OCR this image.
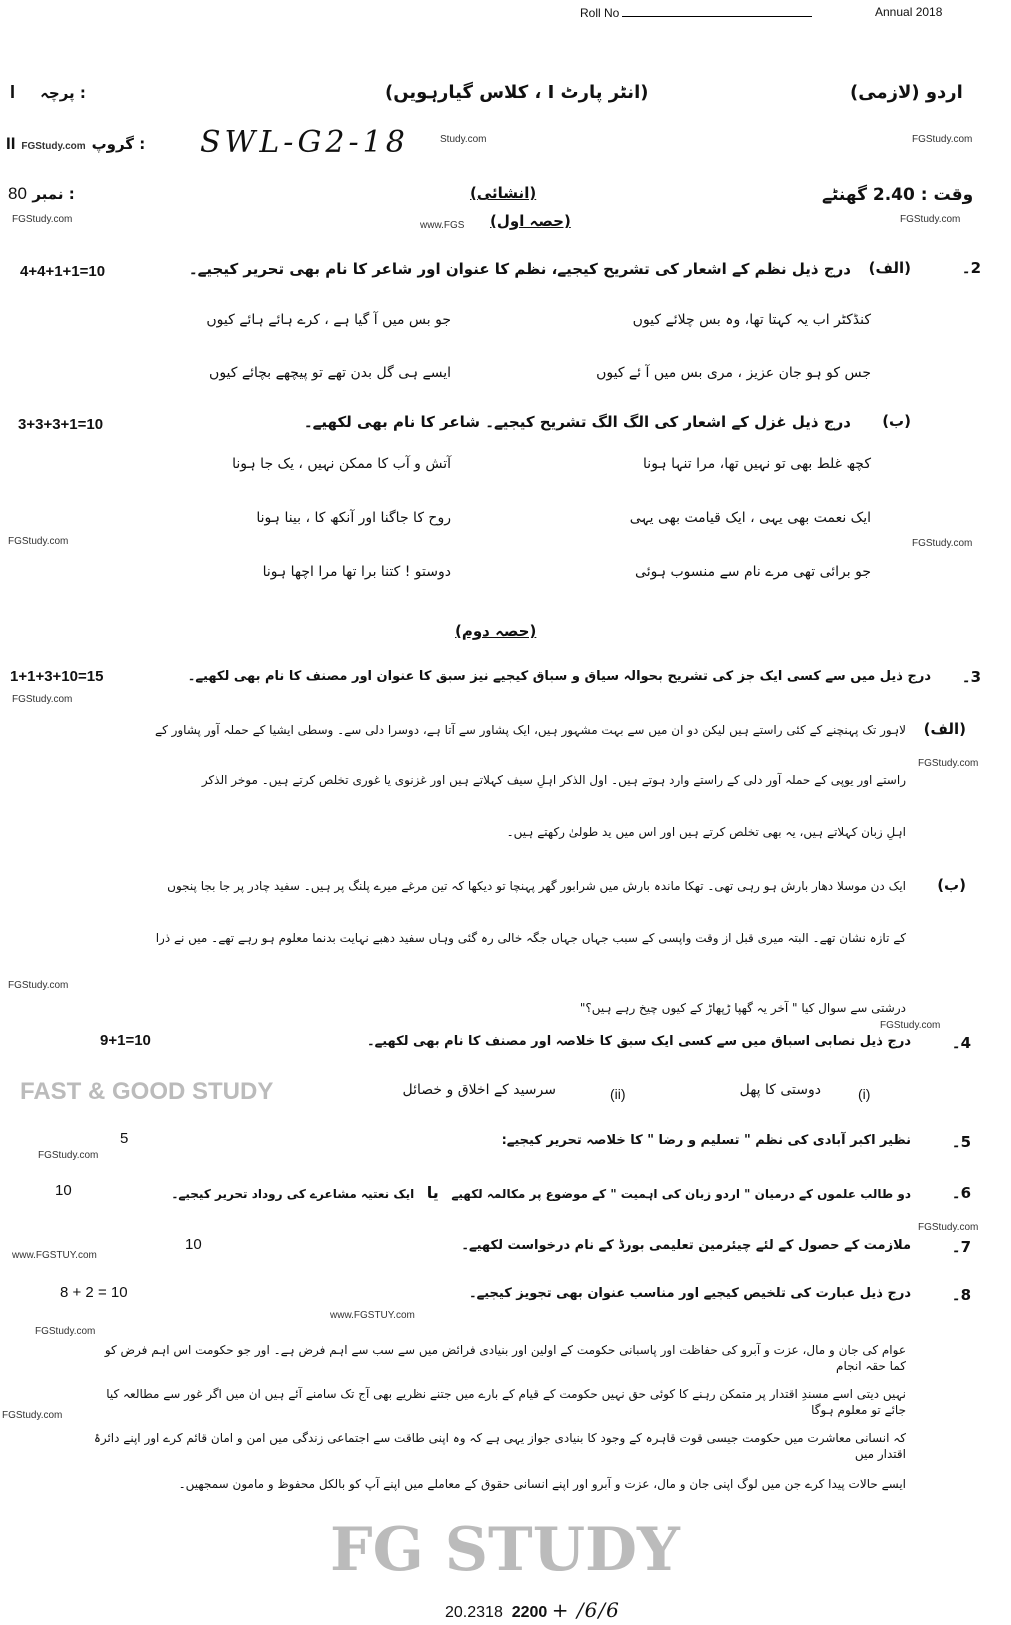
FG STUDY
FAST & GOOD STUDY
Roll No	Annual 2018
I پرچہ :	(انٹر پارٹ I ، کلاس گیارہویں)	اردو (لازمی)
II FGStudy.com گروپ : SWL-G2-18	Study.com	FGStudy.com
80 نمبر :	(انشائی)	وقت : 2.40 گھنٹے
FGStudy.com
www.FGS (حصہ اول)	FGStudy.com
4+4+1+1=10	درج ذیل نظم کے اشعار کی تشریح کیجیے، نظم کا عنوان اور شاعر کا نام بھی تحریر کیجیے۔ (الف)	2۔
کنڈکٹر اب یہ کہتا تھا، وہ بس چلائے کیوں
جو بس میں آ گیا ہے ، کرے ہائے ہائے کیوں
جس کو ہو جان عزیز ، مری بس میں آ ئے کیوں
ایسے ہی گل بدن تھے تو پیچھے بچائے کیوں
3+3+3+1=10	درج ذیل غزل کے اشعار کی الگ الگ تشریح کیجیے۔ شاعر کا نام بھی لکھیے۔ (ب)
کچھ غلط بھی تو نہیں تھا، مرا تنہا ہونا
آتش و آب کا ممکن نہیں ، یک جا ہونا
ایک نعمت بھی یہی ، ایک قیامت بھی یہی
روح کا جاگنا اور آنکھ کا ، بینا ہونا
FGStudy.com	FGStudy.com
جو برائی تھی مرے نام سے منسوب ہوئی
دوستو ! کتنا برا تھا مرا اچھا ہونا
(حصہ دوم)
1+1+3+10=15
FGStudy.com
درج ذیل میں سے کسی ایک جز کی تشریح بحوالہ سیاق و سباق کیجیے نیز سبق کا عنوان اور مصنف کا نام بھی لکھیے۔ 3۔
(الف)
لاہور تک پہنچنے کے کئی راستے ہیں لیکن دو ان میں سے بہت مشہور ہیں، ایک پشاور سے آتا ہے، دوسرا دلی سے۔ وسطی ایشیا کے حملہ آور پشاور کے
راستے اور یوپی کے حملہ آور دلی کے راستے وارد ہوتے ہیں۔ اول الذکر اہلِ سیف کہلاتے ہیں اور غزنوی یا غوری تخلص کرتے ہیں۔ موخر الذکر
FGStudy.com
اہلِ زبان کہلاتے ہیں، یہ بھی تخلص کرتے ہیں اور اس میں ید طولیٰ رکھتے ہیں۔
(ب)
ایک دن موسلا دھار بارش ہو رہی تھی۔ تھکا ماندہ بارش میں شرابور گھر پہنچا تو دیکھا کہ تین مرغے میرے پلنگ پر ہیں۔ سفید چادر پر جا بجا پنجوں
کے تازہ نشان تھے۔ البتہ میری قبل از وقت واپسی کے سبب جہاں جہاں جگہ خالی رہ گئی وہاں سفید دھبے نہایت بدنما معلوم ہو رہے تھے۔ میں نے ذرا
FGStudy.com
درشتی سے سوال کیا " آخر یہ گھپا ڑپھاڑ کے کیوں چیخ رہے ہیں؟"
9+1=10	درج ذیل نصابی اسباق میں سے کسی ایک سبق کا خلاصہ اور مصنف کا نام بھی لکھیے۔	4۔
FGStudy.com
(i)
دوستی کا پھل
(ii)
سرسید کے اخلاق و خصائل
5
FGStudy.com
نظیر اکبر آبادی کی نظم " تسلیم و رضا " کا خلاصہ تحریر کیجیے:	5۔
10	دو طالب علموں کے درمیان " اردو زبان کی اہمیت " کے موضوع پر مکالمہ لکھیے   یا   ایک نعتیہ مشاعرے کی روداد تحریر کیجیے۔	6۔
FGStudy.com
10
www.FGSTUY.com
ملازمت کے حصول کے لئے چیئرمین تعلیمی بورڈ کے نام درخواست لکھیے۔	7۔
8 + 2 = 10	درج ذیل عبارت کی تلخیص کیجیے اور مناسب عنوان بھی تجویز کیجیے۔	8۔
www.FGSTUY.com
FGStudy.com
عوام کی جان و مال، عزت و آبرو کی حفاظت اور پاسبانی حکومت کے اولین اور بنیادی فرائض میں سے سب سے اہم فرض ہے۔ اور جو حکومت اس اہم فرض کو کما حقہ انجام
نہیں دیتی اسے مسندِ اقتدار پر متمکن رہنے کا کوئی حق نہیں حکومت کے قیام کے بارے میں جتنے نظریے بھی آج تک سامنے آئے ہیں ان میں اگر غور سے مطالعہ کیا جائے تو معلوم ہوگا
FGStudy.com
کہ انسانی معاشرت میں حکومت جیسی قوت قاہرہ کے وجود کا بنیادی جواز یہی ہے کہ وہ اپنی طاقت سے اجتماعی زندگی میں امن و امان قائم کرے اور اپنے دائرۂ اقتدار میں
ایسے حالات پیدا کرے جن میں لوگ اپنی جان و مال، عزت و آبرو اور اپنے انسانی حقوق کے معاملے میں اپنے آپ کو بالکل محفوظ و مامون سمجھیں۔
20.2318 2200 + /6/6
